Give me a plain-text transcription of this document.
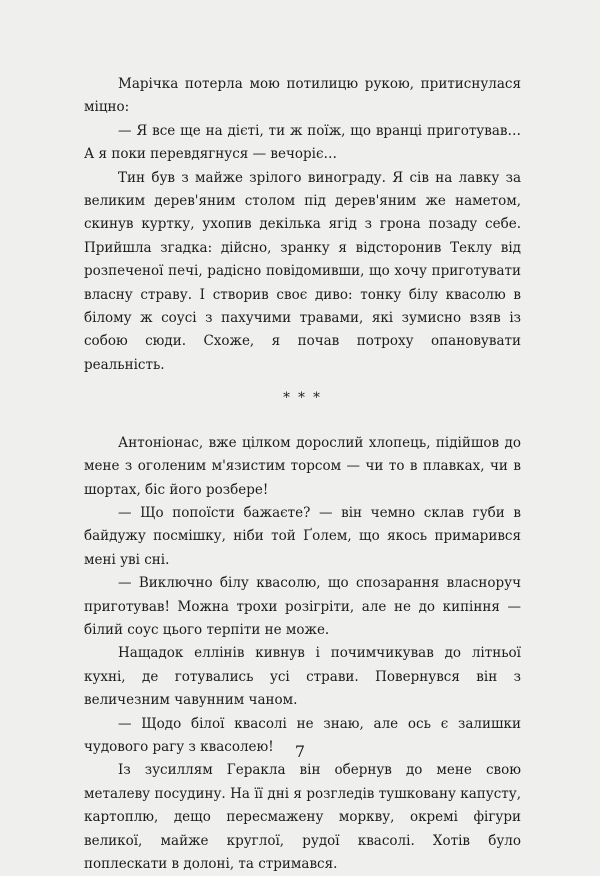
Марічка потерла мою потилицю рукою, притиснулася міцно:

— Я все ще на дієті, ти ж поїж, що вранці приготував… А я поки перевдягнуся — вечоріє…

Тин був з майже зрілого винограду. Я сів на лавку за великим дерев'яним столом під дерев'яним же наметом, скинув куртку, ухопив декілька ягід з грона позаду себе. Прийшла згадка: дійсно, зранку я відсторонив Теклу від розпеченої печі, радісно повідомивши, що хочу приготувати власну страву. І створив своє диво: тонку білу квасолю в білому ж соусі з пахучими травами, які зумисно взяв із собою сюди. Схоже, я почав потроху опановувати реальність.

* * *

Антоніонас, вже цілком дорослий хлопець, підійшов до мене з оголеним м'язистим торсом — чи то в плавках, чи в шортах, біс його розбере!

— Що попоїсти бажаєте? — він чемно склав губи в байдужу посмішку, ніби той Ґолем, що якось примарився мені уві сні.

— Виключно білу квасолю, що спозарання власноруч приготував! Можна трохи розігріти, але не до кипіння — білий соус цього терпіти не може.

Нащадок еллінів кивнув і почимчикував до літньої кухні, де готувались усі страви. Повернувся він з величезним чавунним чаном.

— Щодо білої квасолі не знаю, але ось є залишки чудового рагу з квасолею!

Із зусиллям Геракла він обернув до мене свою металеву посудину. На її дні я розгледів тушковану капусту, картоплю, дещо пересмажену моркву, окремі фігури великої, майже круглої, рудої квасолі. Хотів було поплескати в долоні, та стримався.

7
